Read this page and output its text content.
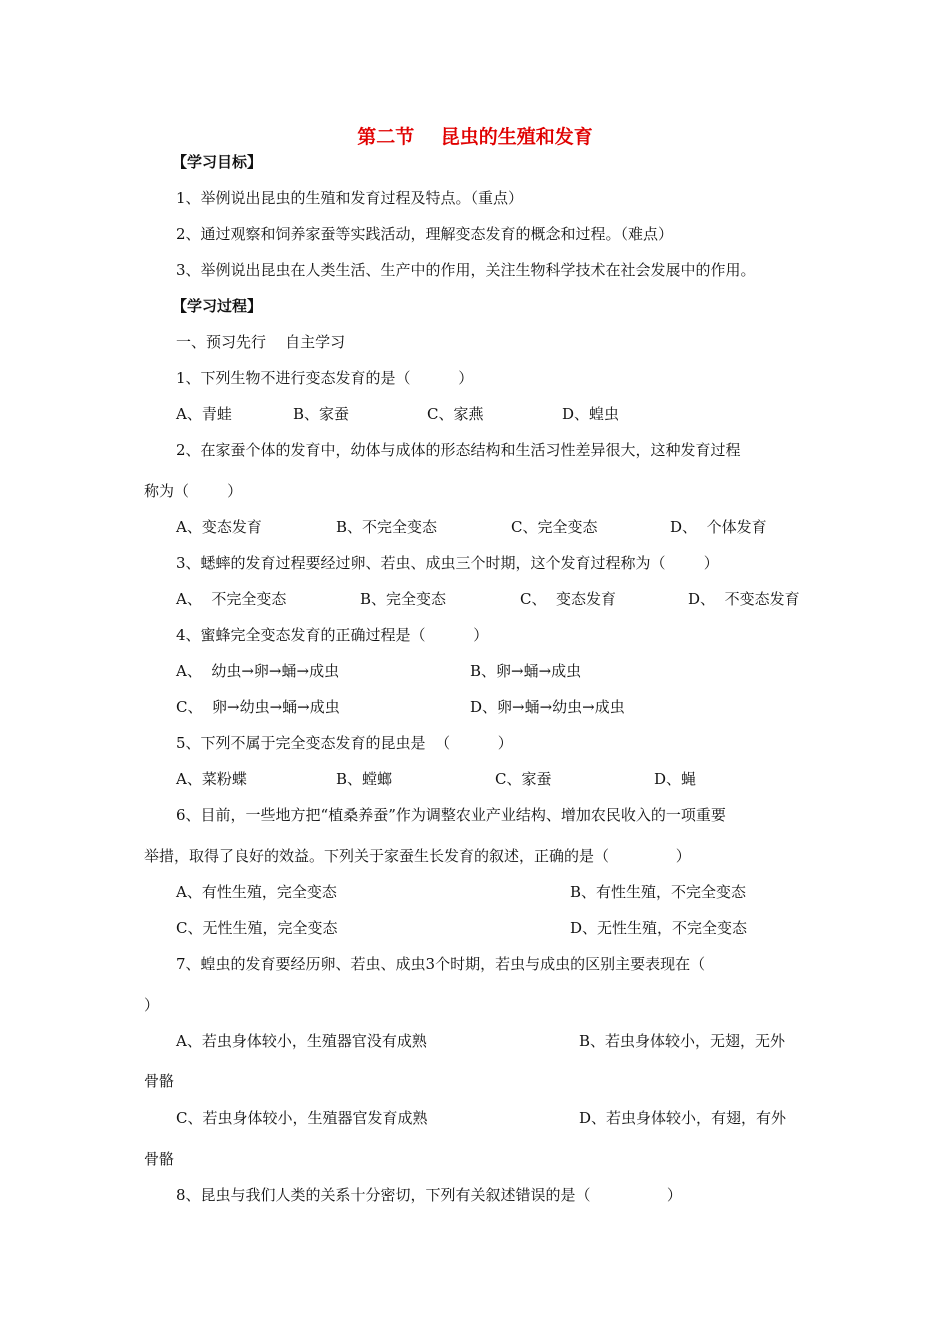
第二节    昆虫的生殖和发育
【学习目标】
1、举例说出昆虫的生殖和发育过程及特点。（重点）
2、通过观察和饲养家蚕等实践活动，理解变态发育的概念和过程。（难点）
3、举例说出昆虫在人类生活、生产中的作用，关注生物科学技术在社会发展中的作用。
【学习过程】
一、预习先行    自主学习
1、下列生物不进行变态发育的是（          ）
A、青蛙	B、家蚕	C、家燕	D、蝗虫
2、在家蚕个体的发育中，幼体与成体的形态结构和生活习性差异很大，这种发育过程
称为（        ）
A、变态发育	B、不完全变态	C、完全变态	D、  个体发育
3、蟋蟀的发育过程要经过卵、若虫、成虫三个时期，这个发育过程称为（        ）
A、  不完全变态	B、完全变态	C、  变态发育	D、  不变态发育
4、蜜蜂完全变态发育的正确过程是（          ）
A、  幼虫→卵→蛹→成虫	B、卵→蛹→成虫
C、  卵→幼虫→蛹→成虫	D、卵→蛹→幼虫→成虫
5、下列不属于完全变态发育的昆虫是  （          ）
A、菜粉蝶	B、螳螂	C、家蚕	D、蝇
6、目前，一些地方把“植桑养蚕”作为调整农业产业结构、增加农民收入的一项重要
举措，取得了良好的效益。下列关于家蚕生长发育的叙述，正确的是（              ）
A、有性生殖，完全变态	B、有性生殖，不完全变态
C、无性生殖，完全变态	D、无性生殖，不完全变态
7、蝗虫的发育要经历卵、若虫、成虫3个时期，若虫与成虫的区别主要表现在（
）
A、若虫身体较小，生殖器官没有成熟	B、若虫身体较小，无翅，无外
骨骼
C、若虫身体较小，生殖器官发育成熟	D、若虫身体较小，有翅，有外
骨骼
8、昆虫与我们人类的关系十分密切，下列有关叙述错误的是（                ）
